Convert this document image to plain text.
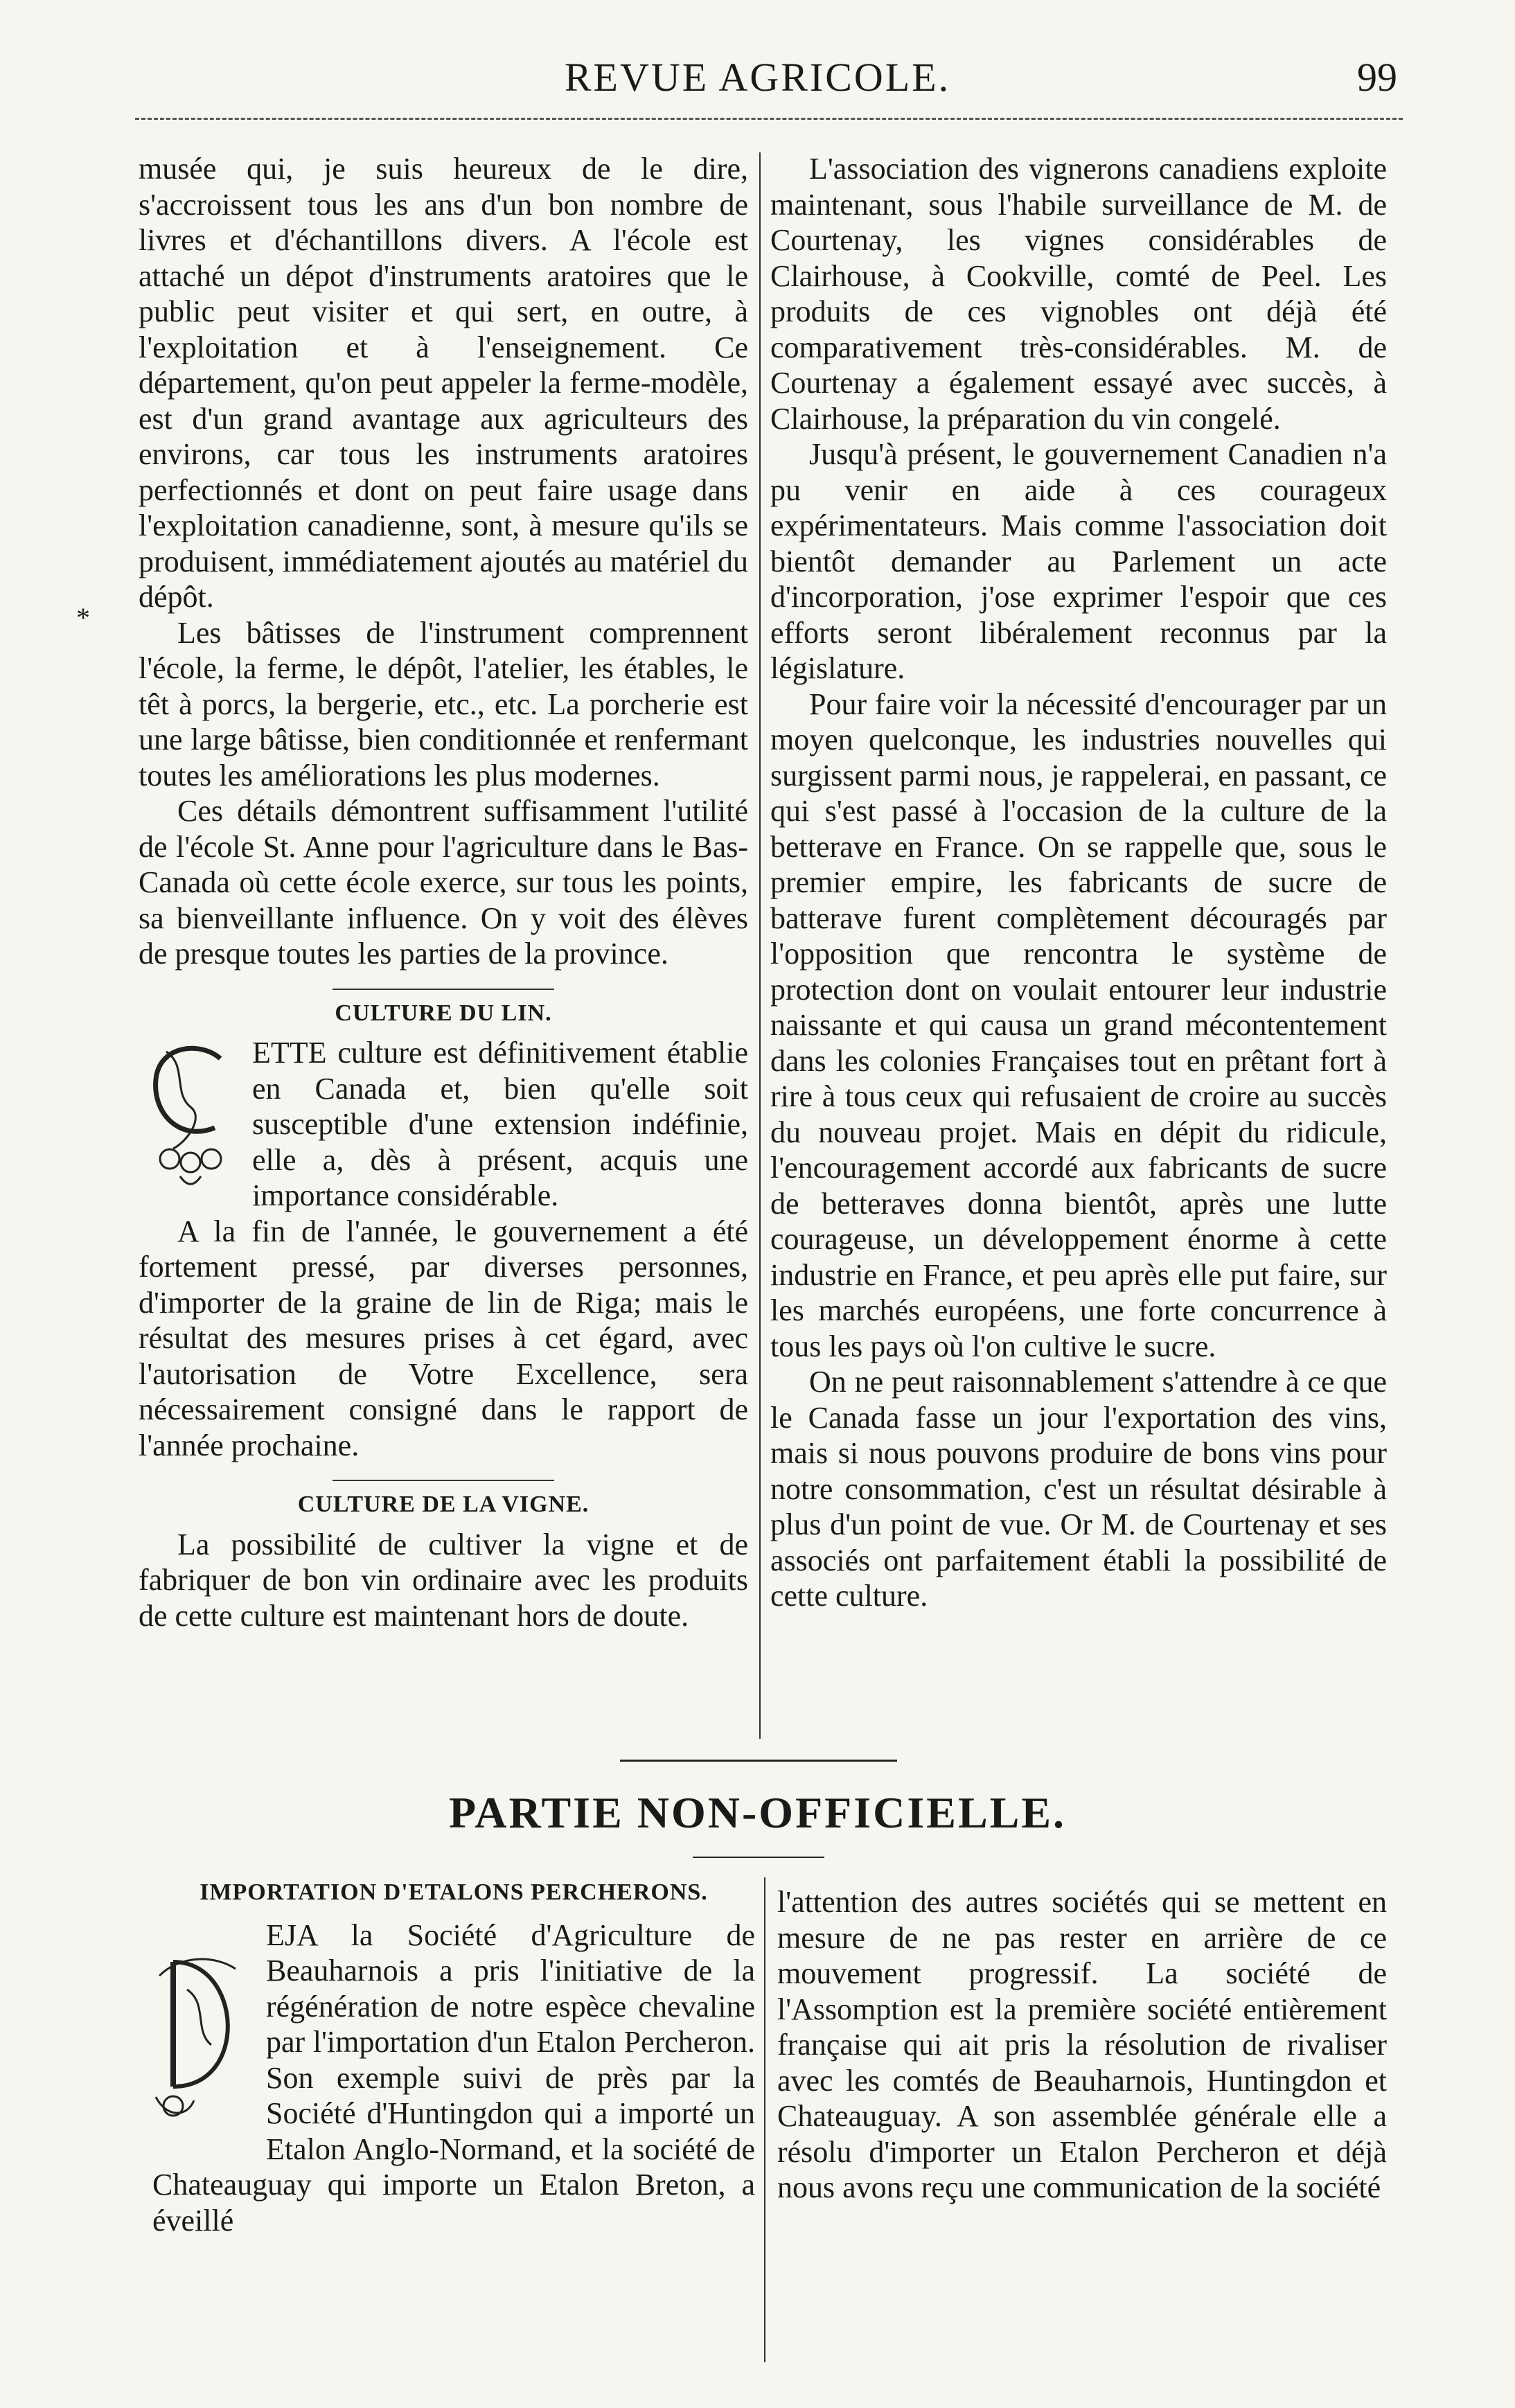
REVUE AGRICOLE.	99
*

musée qui, je suis heureux de le dire, s'accroissent tous les ans d'un bon nombre de livres et d'échantillons divers. A l'école est attaché un dépot d'instruments aratoires que le public peut visiter et qui sert, en outre, à l'exploitation et à l'enseignement. Ce département, qu'on peut appeler la ferme-modèle, est d'un grand avantage aux agriculteurs des environs, car tous les instruments aratoires perfectionnés et dont on peut faire usage dans l'exploitation canadienne, sont, à mesure qu'ils se produisent, immédiatement ajoutés au matériel du dépôt.

Les bâtisses de l'instrument comprennent l'école, la ferme, le dépôt, l'atelier, les étables, le têt à porcs, la bergerie, etc., etc. La porcherie est une large bâtisse, bien conditionnée et renfermant toutes les améliorations les plus modernes.

Ces détails démontrent suffisamment l'utilité de l'école St. Anne pour l'agriculture dans le Bas-Canada où cette école exerce, sur tous les points, sa bienveillante influence. On y voit des élèves de presque toutes les parties de la province.

CULTURE DU LIN.

ETTE culture est définitivement établie en Canada et, bien qu'elle soit susceptible d'une extension indéfinie, elle a, dès à présent, acquis une importance considérable.

A la fin de l'année, le gouvernement a été fortement pressé, par diverses personnes, d'importer de la graine de lin de Riga; mais le résultat des mesures prises à cet égard, avec l'autorisation de Votre Excellence, sera nécessairement consigné dans le rapport de l'année prochaine.

CULTURE DE LA VIGNE.

La possibilité de cultiver la vigne et de fabriquer de bon vin ordinaire avec les produits de cette culture est maintenant hors de doute.

L'association des vignerons canadiens exploite maintenant, sous l'habile surveillance de M. de Courtenay, les vignes considérables de Clairhouse, à Cookville, comté de Peel. Les produits de ces vignobles ont déjà été comparativement très-considérables. M. de Courtenay a également essayé avec succès, à Clairhouse, la préparation du vin congelé.

Jusqu'à présent, le gouvernement Canadien n'a pu venir en aide à ces courageux expérimentateurs. Mais comme l'association doit bientôt demander au Parlement un acte d'incorporation, j'ose exprimer l'espoir que ces efforts seront libéralement reconnus par la législature.

Pour faire voir la nécessité d'encourager par un moyen quelconque, les industries nouvelles qui surgissent parmi nous, je rappelerai, en passant, ce qui s'est passé à l'occasion de la culture de la betterave en France. On se rappelle que, sous le premier empire, les fabricants de sucre de batterave furent complètement découragés par l'opposition que rencontra le système de protection dont on voulait entourer leur industrie naissante et qui causa un grand mécontentement dans les colonies Françaises tout en prêtant fort à rire à tous ceux qui refusaient de croire au succès du nouveau projet. Mais en dépit du ridicule, l'encouragement accordé aux fabricants de sucre de betteraves donna bientôt, après une lutte courageuse, un développement énorme à cette industrie en France, et peu après elle put faire, sur les marchés européens, une forte concurrence à tous les pays où l'on cultive le sucre.

On ne peut raisonnablement s'attendre à ce que le Canada fasse un jour l'exportation des vins, mais si nous pouvons produire de bons vins pour notre consommation, c'est un résultat désirable à plus d'un point de vue. Or M. de Courtenay et ses associés ont parfaitement établi la possibilité de cette culture.

PARTIE NON-OFFICIELLE.
IMPORTATION D'ETALONS PERCHERONS.

EJA la Société d'Agriculture de Beauharnois a pris l'initiative de la régénération de notre espèce chevaline par l'importation d'un Etalon Percheron. Son exemple suivi de près par la Société d'Huntingdon qui a importé un Etalon Anglo-Normand, et la société de Chateauguay qui importe un Etalon Breton, a éveillé

l'attention des autres sociétés qui se mettent en mesure de ne pas rester en arrière de ce mouvement progressif. La société de l'Assomption est la première société entièrement française qui ait pris la résolution de rivaliser avec les comtés de Beauharnois, Huntingdon et Chateauguay. A son assemblée générale elle a résolu d'importer un Etalon Percheron et déjà nous avons reçu une communication de la société
